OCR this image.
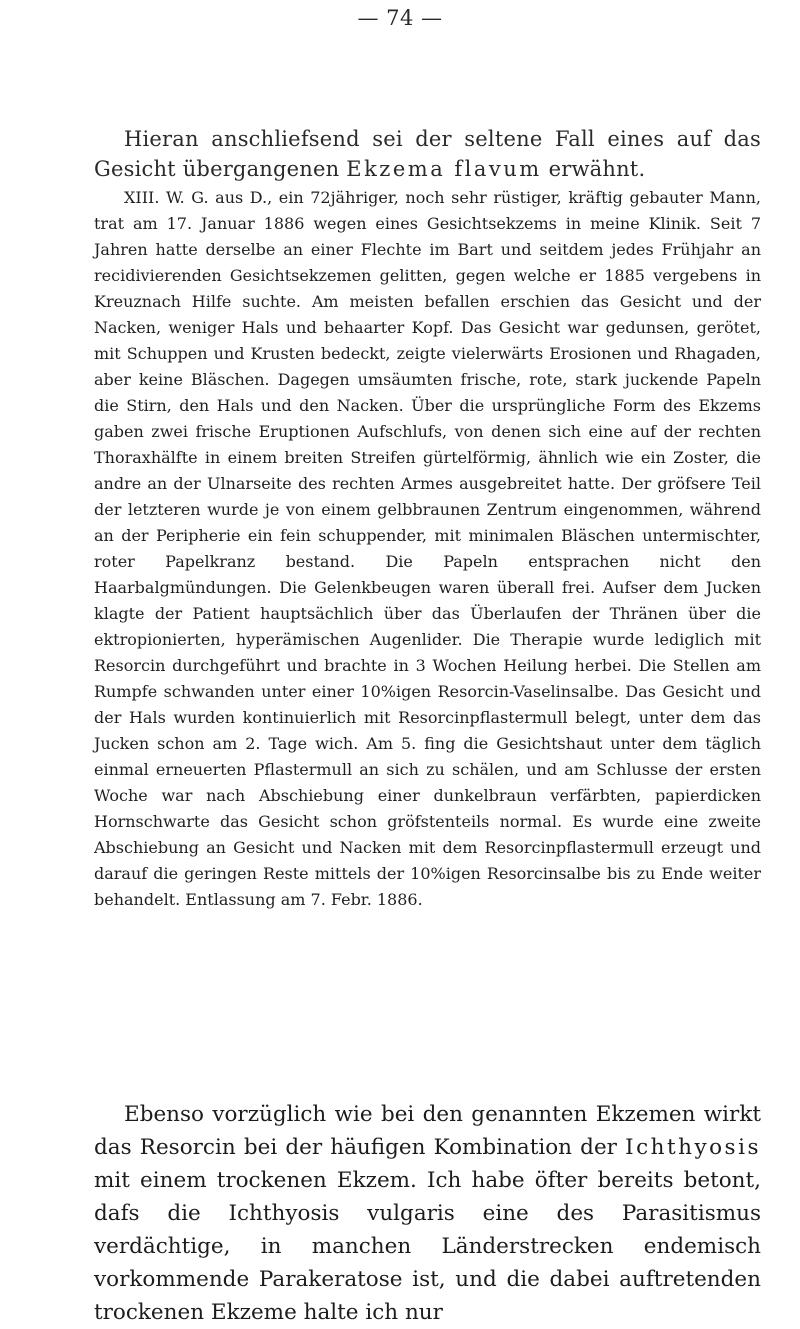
— 74 —
Hieran anschliefsend sei der seltene Fall eines auf das Gesicht übergangenen Ekzema flavum erwähnt.

XIII. W. G. aus D., ein 72jähriger, noch sehr rüstiger, kräftig gebauter Mann, trat am 17. Januar 1886 wegen eines Gesichtsekzems in meine Klinik. Seit 7 Jahren hatte derselbe an einer Flechte im Bart und seitdem jedes Frühjahr an recidivierenden Gesichtsekzemen gelitten, gegen welche er 1885 vergebens in Kreuznach Hilfe suchte. Am meisten befallen erschien das Gesicht und der Nacken, weniger Hals und behaarter Kopf. Das Gesicht war gedunsen, gerötet, mit Schuppen und Krusten bedeckt, zeigte vielerwärts Erosionen und Rhagaden, aber keine Bläschen. Dagegen umsäumten frische, rote, stark juckende Papeln die Stirn, den Hals und den Nacken. Über die ursprüngliche Form des Ekzems gaben zwei frische Eruptionen Aufschlufs, von denen sich eine auf der rechten Thoraxhälfte in einem breiten Streifen gürtelförmig, ähnlich wie ein Zoster, die andre an der Ulnarseite des rechten Armes ausgebreitet hatte. Der gröfsere Teil der letzteren wurde je von einem gelbbraunen Zentrum eingenommen, während an der Peripherie ein fein schuppender, mit minimalen Bläschen untermischter, roter Papelkranz bestand. Die Papeln entsprachen nicht den Haarbalgmündungen. Die Gelenkbeugen waren überall frei. Aufser dem Jucken klagte der Patient hauptsächlich über das Überlaufen der Thränen über die ektropionierten, hyperämischen Augenlider. Die Therapie wurde lediglich mit Resorcin durchgeführt und brachte in 3 Wochen Heilung herbei. Die Stellen am Rumpfe schwanden unter einer 10%igen Resorcin-Vaselinsalbe. Das Gesicht und der Hals wurden kontinuierlich mit Resorcinpflastermull belegt, unter dem das Jucken schon am 2. Tage wich. Am 5. fing die Gesichtshaut unter dem täglich einmal erneuerten Pflastermull an sich zu schälen, und am Schlusse der ersten Woche war nach Abschiebung einer dunkelbraun verfärbten, papierdicken Hornschwarte das Gesicht schon gröfstenteils normal. Es wurde eine zweite Abschiebung an Gesicht und Nacken mit dem Resorcinpflastermull erzeugt und darauf die geringen Reste mittels der 10%igen Resorcinsalbe bis zu Ende weiter behandelt. Entlassung am 7. Febr. 1886.

Ebenso vorzüglich wie bei den genannten Ekzemen wirkt das Resorcin bei der häufigen Kombination der Ichthyosis mit einem trockenen Ekzem. Ich habe öfter bereits betont, dafs die Ichthyosis vulgaris eine des Parasitismus verdächtige, in manchen Länderstrecken endemisch vorkommende Parakeratose ist, und die dabei auftretenden trockenen Ekzeme halte ich nur
